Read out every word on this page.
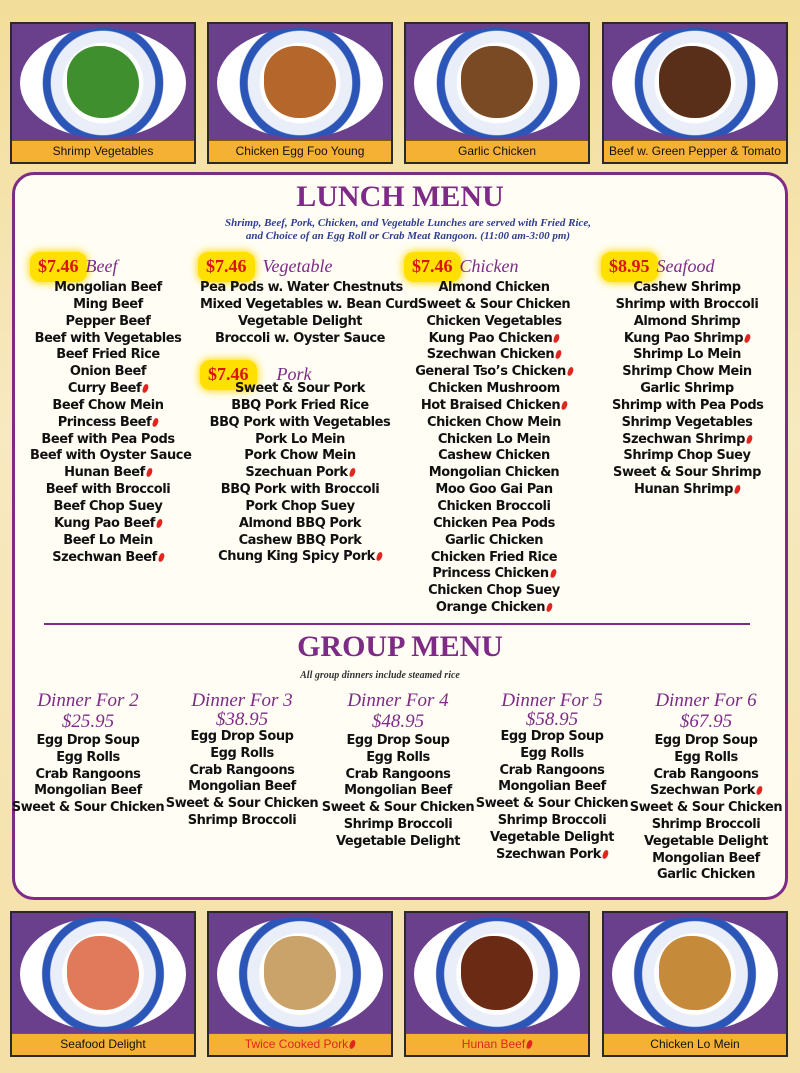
Shrimp Vegetables	Chicken Egg Foo Young	Garlic Chicken	Beef w. Green Pepper & Tomato
LUNCH MENU
Shrimp, Beef, Pork, Chicken, and Vegetable Lunches are served with Fried Rice,
and Choice of an Egg Roll or Crab Meat Rangoon. (11:00 am-3:00 pm)
$7.46 Beef
Mongolian Beef
Ming Beef
Pepper Beef
Beef with Vegetables
Beef Fried Rice
Onion Beef
Curry Beef
Beef Chow Mein
Princess Beef
Beef with Pea Pods
Beef with Oyster Sauce
Hunan Beef
Beef with Broccoli
Beef Chop Suey
Kung Pao Beef
Beef Lo Mein
Szechwan Beef
$7.46 Vegetable
Pea Pods w. Water Chestnuts
Mixed Vegetables w. Bean Curd
Vegetable Delight
Broccoli w. Oyster Sauce
$7.46 Pork
Sweet & Sour Pork
BBQ Pork Fried Rice
BBQ Pork with Vegetables
Pork Lo Mein
Pork Chow Mein
Szechuan Pork
BBQ Pork with Broccoli
Pork Chop Suey
Almond BBQ Pork
Cashew BBQ Pork
Chung King Spicy Pork
$7.46 Chicken
Almond Chicken
Sweet & Sour Chicken
Chicken Vegetables
Kung Pao Chicken
Szechwan Chicken
General Tso’s Chicken
Chicken Mushroom
Hot Braised Chicken
Chicken Chow Mein
Chicken Lo Mein
Cashew Chicken
Mongolian Chicken
Moo Goo Gai Pan
Chicken Broccoli
Chicken Pea Pods
Garlic Chicken
Chicken Fried Rice
Princess Chicken
Chicken Chop Suey
Orange Chicken
$8.95 Seafood
Cashew Shrimp
Shrimp with Broccoli
Almond Shrimp
Kung Pao Shrimp
Shrimp Lo Mein
Shrimp Chow Mein
Garlic Shrimp
Shrimp with Pea Pods
Shrimp Vegetables
Szechwan Shrimp
Shrimp Chop Suey
Sweet & Sour Shrimp
Hunan Shrimp
GROUP MENU
All group dinners include steamed rice
Dinner For 2
$25.95
Egg Drop Soup
Egg Rolls
Crab Rangoons
Mongolian Beef
Sweet & Sour Chicken
Dinner For 3
$38.95
Egg Drop Soup
Egg Rolls
Crab Rangoons
Mongolian Beef
Sweet & Sour Chicken
Shrimp Broccoli
Dinner For 4
$48.95
Egg Drop Soup
Egg Rolls
Crab Rangoons
Mongolian Beef
Sweet & Sour Chicken
Shrimp Broccoli
Vegetable Delight
Dinner For 5
$58.95
Egg Drop Soup
Egg Rolls
Crab Rangoons
Mongolian Beef
Sweet & Sour Chicken
Shrimp Broccoli
Vegetable Delight
Szechwan Pork
Dinner For 6
$67.95
Egg Drop Soup
Egg Rolls
Crab Rangoons
Szechwan Pork
Sweet & Sour Chicken
Shrimp Broccoli
Vegetable Delight
Mongolian Beef
Garlic Chicken
Seafood Delight	Twice Cooked Pork	Hunan Beef	Chicken Lo Mein
